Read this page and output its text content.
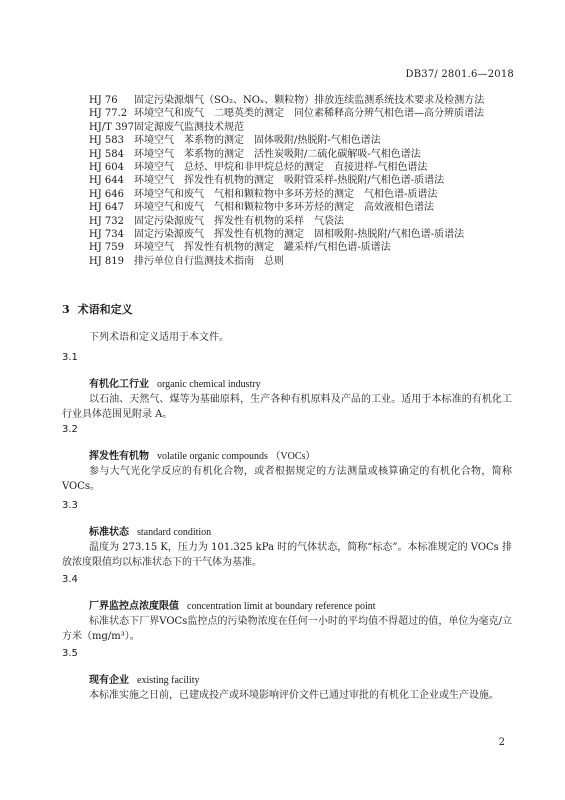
DB37/ 2801.6—2018
HJ 76 固定污染源烟气（SO₂、NOₓ、颗粒物）排放连续监测系统技术要求及检测方法
HJ 77.2 环境空气和废气　二噁英类的测定　同位素稀释高分辨气相色谱—高分辨质谱法
HJ/T 397固定源废气监测技术规范
HJ 583 环境空气　苯系物的测定　固体吸附/热脱附-气相色谱法
HJ 584 环境空气　苯系物的测定　活性炭吸附/二硫化碳解吸-气相色谱法
HJ 604 环境空气　总烃、甲烷和非甲烷总烃的测定　直接进样-气相色谱法
HJ 644 环境空气　挥发性有机物的测定　吸附管采样-热脱附/气相色谱-质谱法
HJ 646 环境空气和废气　气相和颗粒物中多环芳烃的测定　气相色谱-质谱法
HJ 647 环境空气和废气　气相和颗粒物中多环芳烃的测定　高效液相色谱法
HJ 732 固定污染源废气　挥发性有机物的采样　气袋法
HJ 734 固定污染源废气　挥发性有机物的测定　固相吸附-热脱附/气相色谱-质谱法
HJ 759 环境空气　挥发性有机物的测定　罐采样/气相色谱-质谱法
HJ 819 排污单位自行监测技术指南　总则
3 术语和定义
下列术语和定义适用于本文件。
3.1
有机化工行业 organic chemical industry

以石油、天然气、煤等为基础原料，生产各种有机原料及产品的工业。适用于本标准的有机化工行业具体范围见附录 A。

3.2
挥发性有机物 volatile organic compounds （VOCs）

参与大气光化学反应的有机化合物，或者根据规定的方法测量或核算确定的有机化合物，简称VOCs。

3.3
标准状态 standard condition

温度为 273.15 K，压力为 101.325 kPa 时的气体状态，简称“标态”。本标准规定的 VOCs 排放浓度限值均以标准状态下的干气体为基准。

3.4
厂界监控点浓度限值 concentration limit at boundary reference point

标准状态下厂界VOCs监控点的污染物浓度在任何一小时的平均值不得超过的值，单位为毫克/立方米（mg/m³）。

3.5
现有企业 existing facility

本标准实施之日前，已建成投产或环境影响评价文件已通过审批的有机化工企业或生产设施。

2
